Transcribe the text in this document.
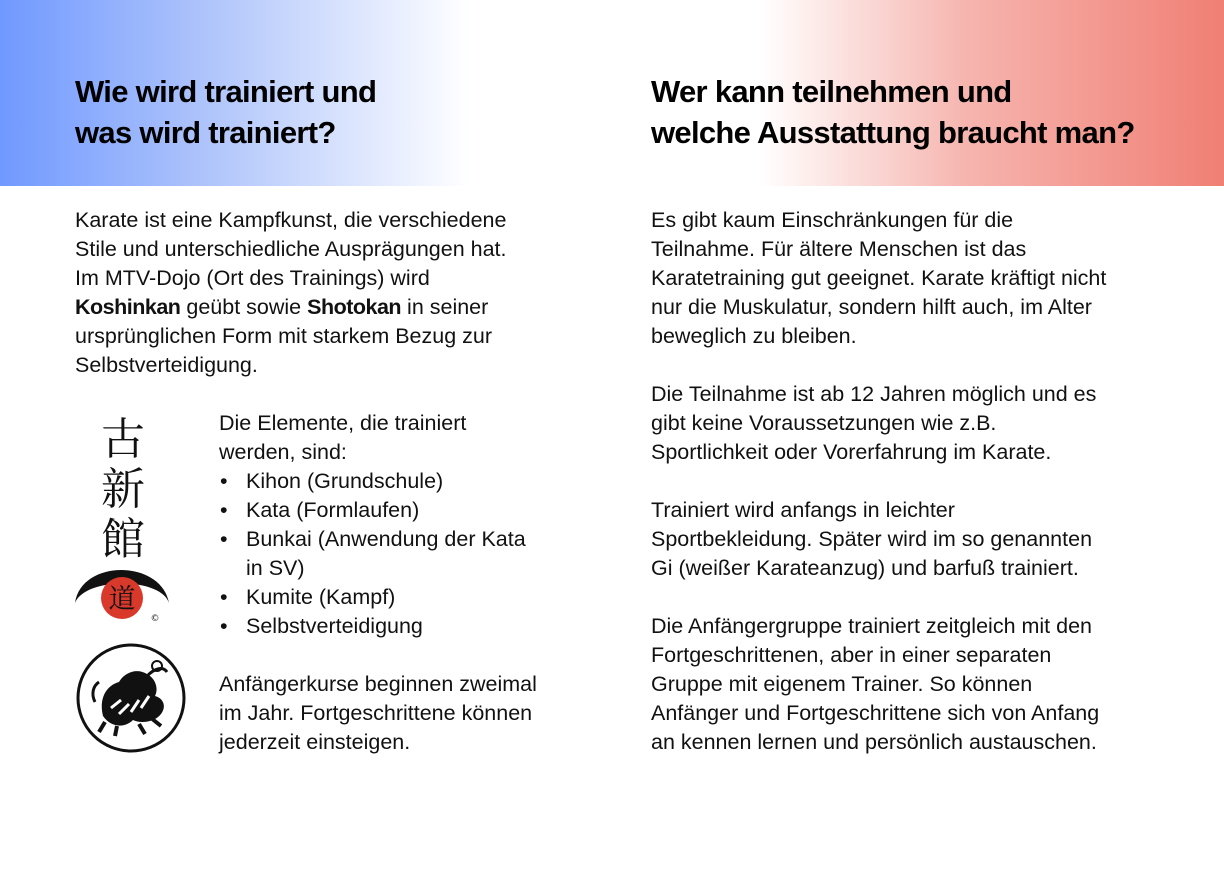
Wie wird trainiert und
was wird trainiert?
Wer kann teilnehmen und
welche Ausstattung braucht man?
Karate ist eine Kampfkunst, die verschiedene
Stile und unterschiedliche Ausprägungen hat.
Im MTV-Dojo (Ort des Trainings) wird
Koshinkan geübt sowie Shotokan in seiner
ursprünglichen Form mit starkem Bezug zur
Selbstverteidigung.
古
新
館
道
©
Die Elemente, die trainiert
werden, sind:
• Kihon (Grundschule)
• Kata (Formlaufen)
• Bunkai (Anwendung der Kata
in SV)
• Kumite (Kampf)
• Selbstverteidigung
Anfängerkurse beginnen zweimal
im Jahr. Fortgeschrittene können
jederzeit einsteigen.
Es gibt kaum Einschränkungen für die
Teilnahme. Für ältere Menschen ist das
Karatetraining gut geeignet. Karate kräftigt nicht
nur die Muskulatur, sondern hilft auch, im Alter
beweglich zu bleiben.
Die Teilnahme ist ab 12 Jahren möglich und es
gibt keine Voraussetzungen wie z.B.
Sportlichkeit oder Vorerfahrung im Karate.
Trainiert wird anfangs in leichter
Sportbekleidung. Später wird im so genannten
Gi (weißer Karateanzug) und barfuß trainiert.
Die Anfängergruppe trainiert zeitgleich mit den
Fortgeschrittenen, aber in einer separaten
Gruppe mit eigenem Trainer. So können
Anfänger und Fortgeschrittene sich von Anfang
an kennen lernen und persönlich austauschen.
